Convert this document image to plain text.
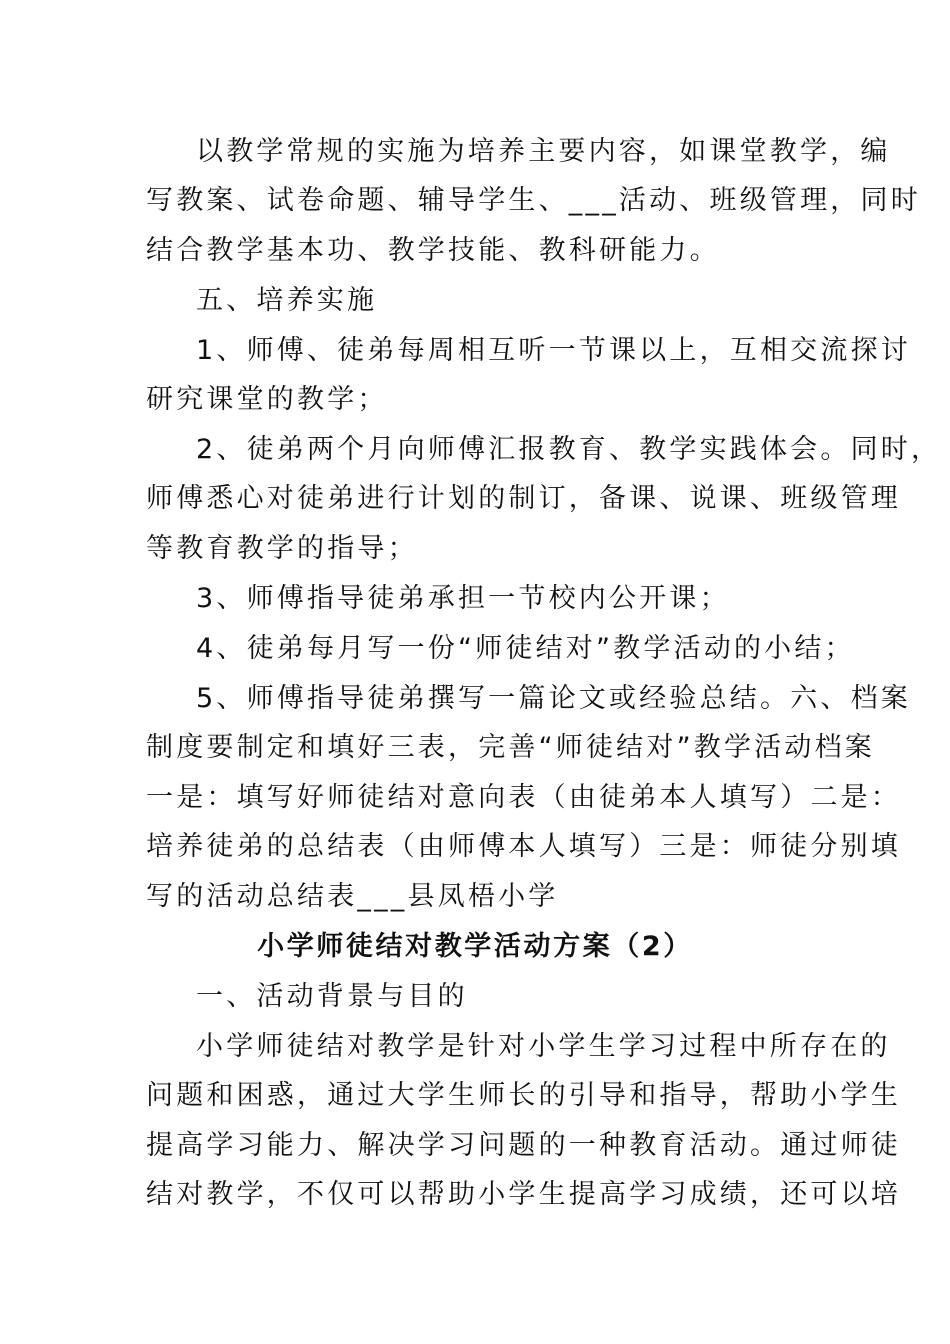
以教学常规的实施为培养主要内容，如课堂教学，编
写教案、试卷命题、辅导学生、___活动、班级管理，同时
结合教学基本功、教学技能、教科研能力。
五、培养实施
1、师傅、徒弟每周相互听一节课以上，互相交流探讨
研究课堂的教学；
2、徒弟两个月向师傅汇报教育、教学实践体会。同时，
师傅悉心对徒弟进行计划的制订，备课、说课、班级管理
等教育教学的指导；
3、师傅指导徒弟承担一节校内公开课；
4、徒弟每月写一份“师徒结对”教学活动的小结；
5、师傅指导徒弟撰写一篇论文或经验总结。六、档案
制度要制定和填好三表，完善“师徒结对”教学活动档案
一是：填写好师徒结对意向表（由徒弟本人填写）二是：
培养徒弟的总结表（由师傅本人填写）三是：师徒分别填
写的活动总结表___县凤梧小学
小学师徒结对教学活动方案（2）
一、活动背景与目的
小学师徒结对教学是针对小学生学习过程中所存在的
问题和困惑，通过大学生师长的引导和指导，帮助小学生
提高学习能力、解决学习问题的一种教育活动。通过师徒
结对教学，不仅可以帮助小学生提高学习成绩，还可以培
